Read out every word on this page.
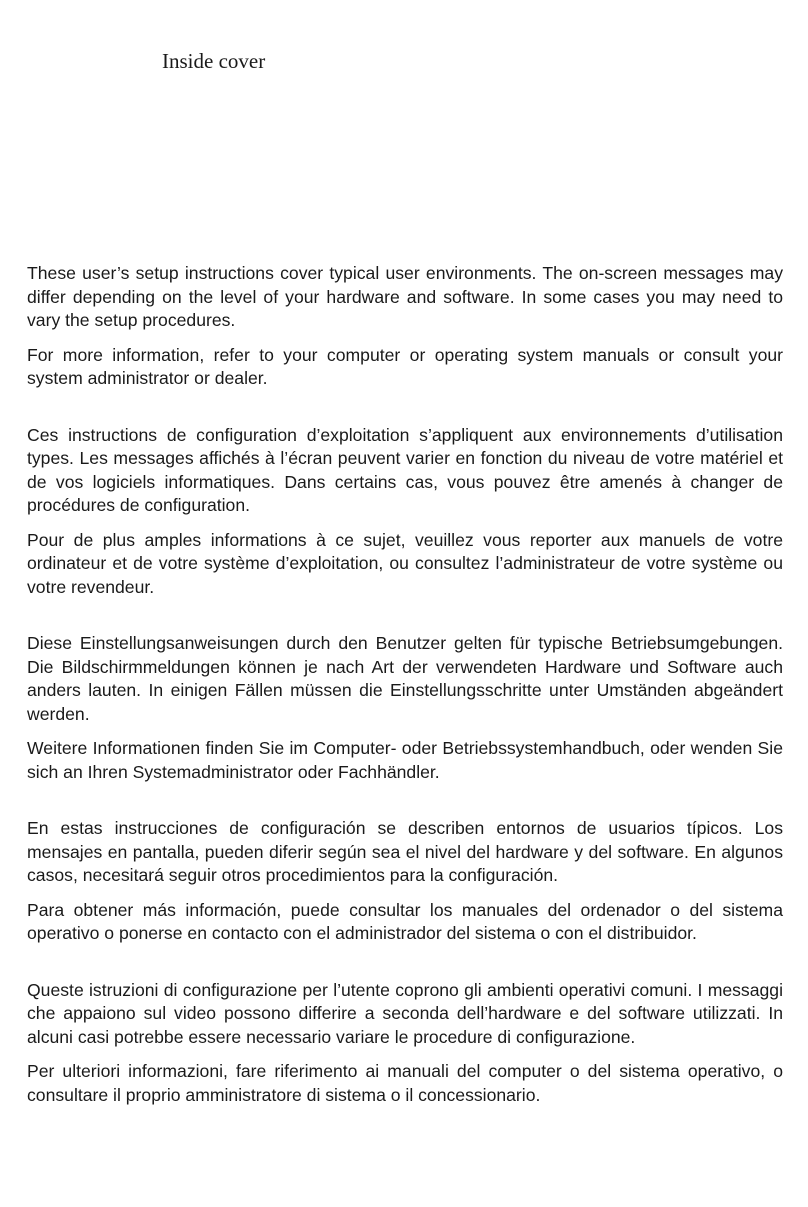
Inside cover

These user’s setup instructions cover typical user environments. The on-screen messages may differ depending on the level of your hardware and software. In some cases you may need to vary the setup procedures.

For more information, refer to your computer or operating system manuals or consult your system administrator or dealer.

Ces instructions de configuration d’exploitation s’appliquent aux environnements d’utilisation types. Les messages affichés à l’écran peuvent varier en fonction du niveau de votre matériel et de vos logiciels informatiques. Dans certains cas, vous pouvez être amenés à changer de procédures de configuration.

Pour de plus amples informations à ce sujet, veuillez vous reporter aux manuels de votre ordinateur et de votre système d’exploitation, ou consultez l’administrateur de votre système ou votre revendeur.

Diese Einstellungsanweisungen durch den Benutzer gelten für typische Betriebsumgebungen. Die Bildschirmmeldungen können je nach Art der verwendeten Hardware und Software auch anders lauten. In einigen Fällen müssen die Einstellungsschritte unter Umständen abgeändert werden.

Weitere Informationen finden Sie im Computer- oder Betriebssystemhandbuch, oder wenden Sie sich an Ihren Systemadministrator oder Fachhändler.

En estas instrucciones de configuración se describen entornos de usuarios típicos. Los mensajes en pantalla, pueden diferir según sea el nivel del hardware y del software. En algunos casos, necesitará seguir otros procedimientos para la configuración.

Para obtener más información, puede consultar los manuales del ordenador o del sistema operativo o ponerse en contacto con el administrador del sistema o con el distribuidor.

Queste istruzioni di configurazione per l’utente coprono gli ambienti operativi comuni. I messaggi che appaiono sul video possono differire a seconda dell’hardware e del software utilizzati. In alcuni casi potrebbe essere necessario variare le procedure di configurazione.

Per ulteriori informazioni, fare riferimento ai manuali del computer o del sistema operativo, o consultare il proprio amministratore di sistema o il concessionario.
